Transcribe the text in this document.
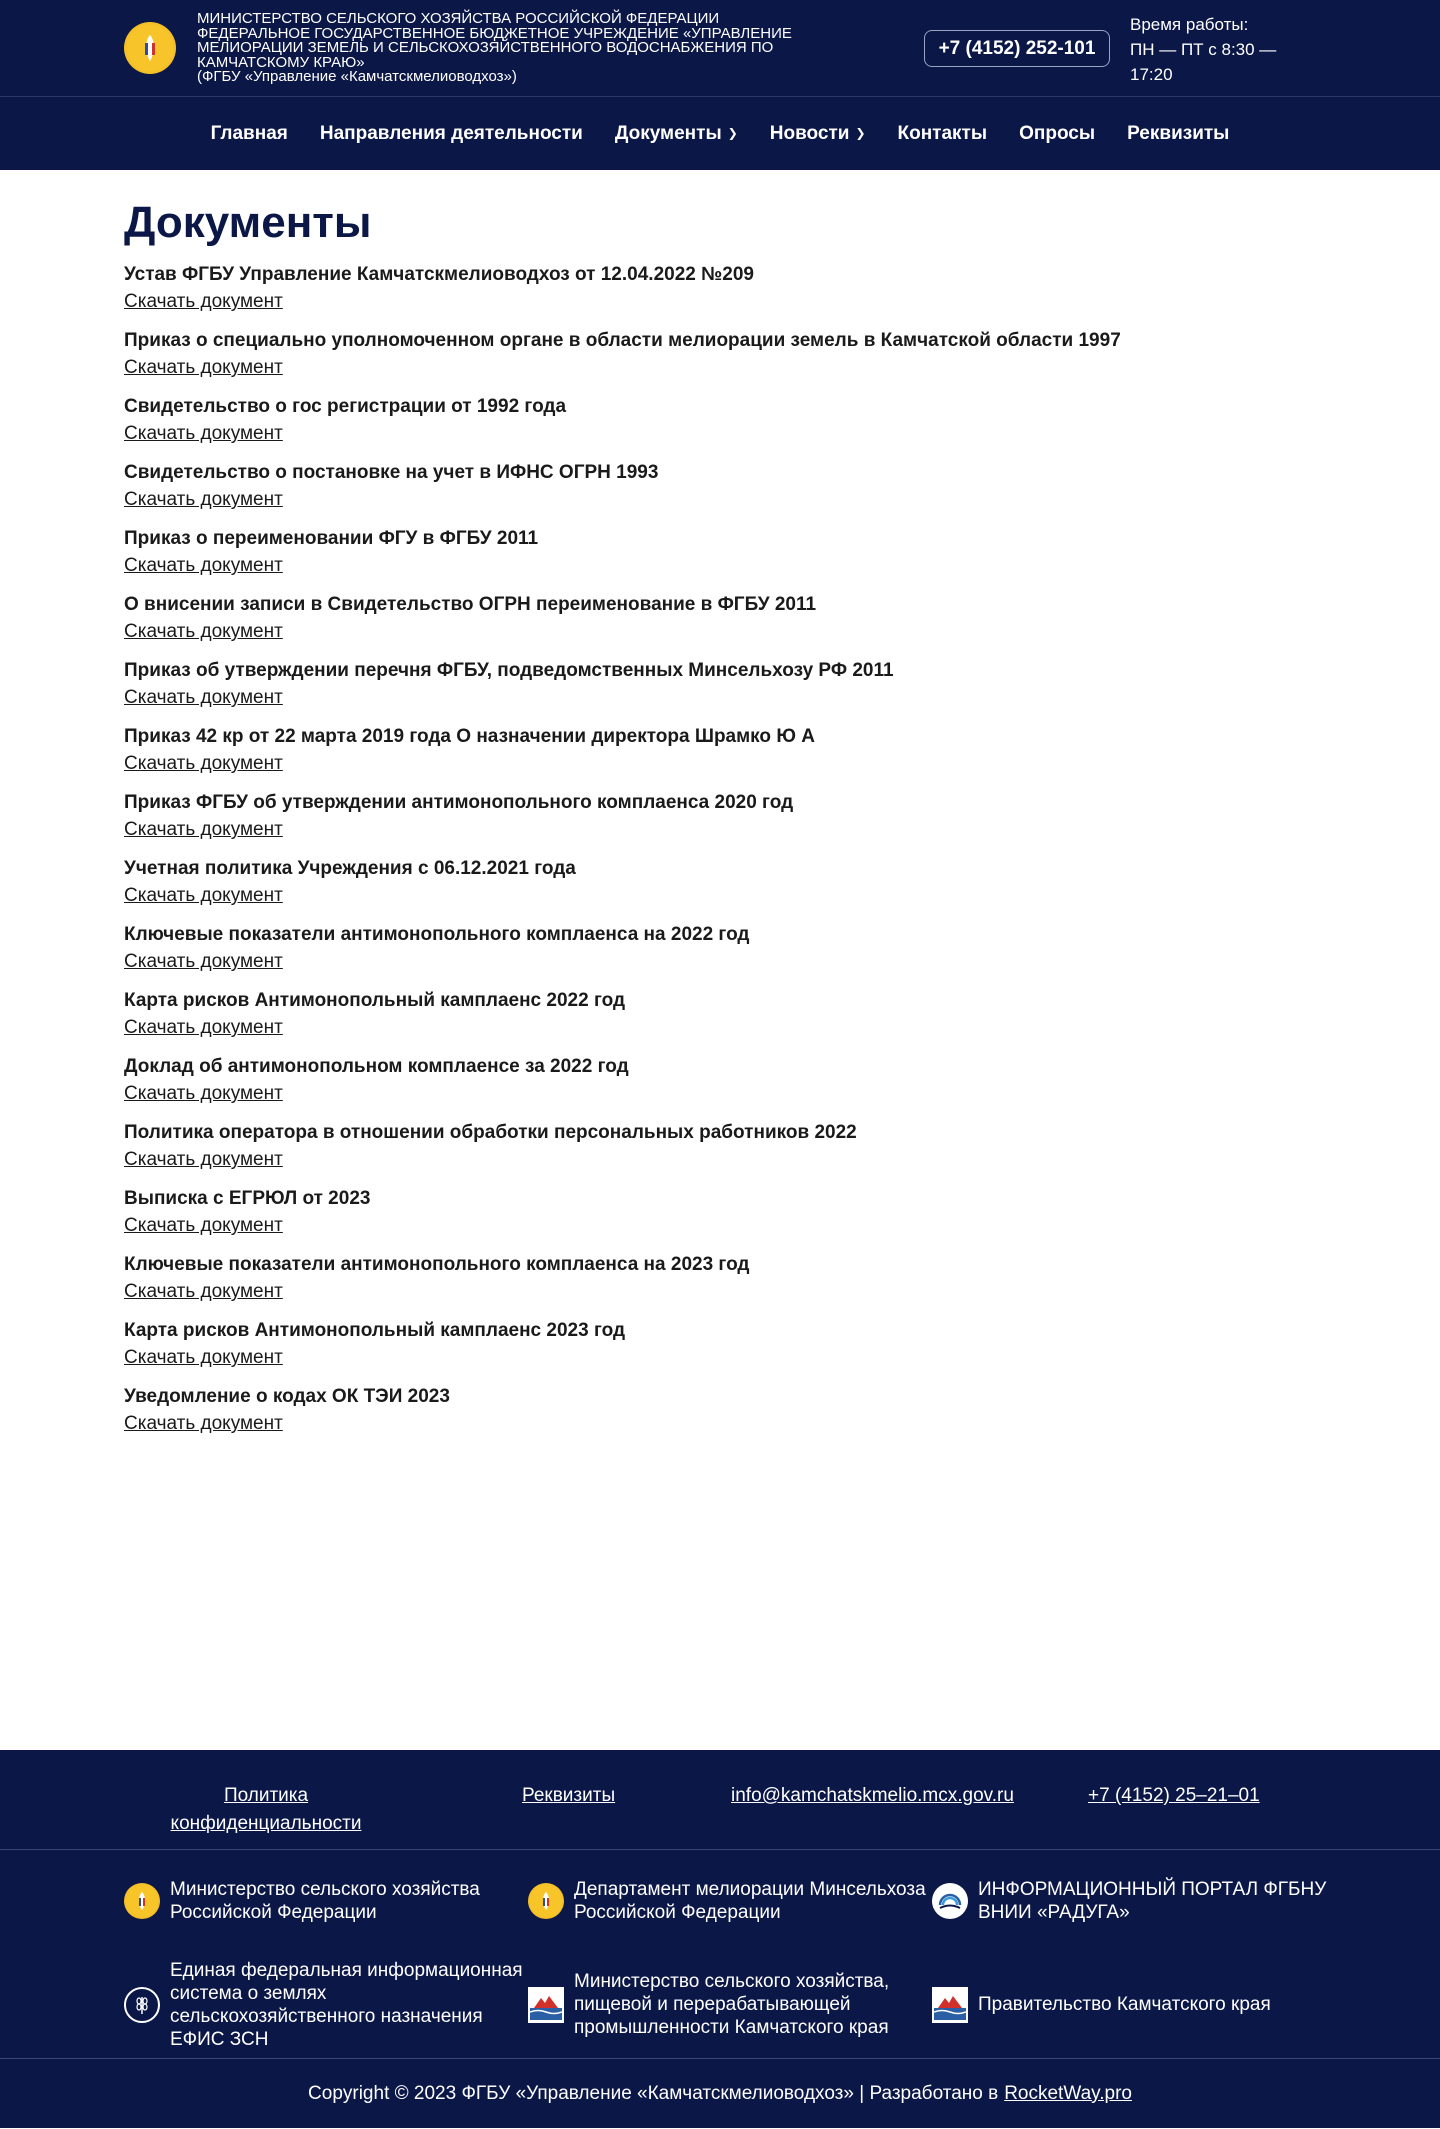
МИНИСТЕРСТВО СЕЛЬСКОГО ХОЗЯЙСТВА РОССИЙСКОЙ ФЕДЕРАЦИИ
ФЕДЕРАЛЬНОЕ ГОСУДАРСТВЕННОЕ БЮДЖЕТНОЕ УЧРЕЖДЕНИЕ «УПРАВЛЕНИЕ
МЕЛИОРАЦИИ ЗЕМЕЛЬ И СЕЛЬСКОХОЗЯЙСТВЕННОГО ВОДОСНАБЖЕНИЯ ПО
КАМЧАТСКОМУ КРАЮ»
(ФГБУ «Управление «Камчатскмелиоводхоз»)
+7 (4152) 252-101
Время работы:
ПН — ПТ с 8:30 —
17:20
Главная Направления деятельности Документы ❯ Новости ❯ Контакты Опросы Реквизиты
Документы
Устав ФГБУ Управление Камчатскмелиоводхоз от 12.04.2022 №209
Скачать документ
Приказ о специально уполномоченном органе в области мелиорации земель в Камчатской области 1997
Скачать документ
Свидетельство о гос регистрации от 1992 года
Скачать документ
Свидетельство о постановке на учет в ИФНС ОГРН 1993
Скачать документ
Приказ о переименовании ФГУ в ФГБУ 2011
Скачать документ
О внисении записи в Свидетельство ОГРН переименование в ФГБУ 2011
Скачать документ
Приказ об утверждении перечня ФГБУ, подведомственных Минсельхозу РФ 2011
Скачать документ
Приказ 42 кр от 22 марта 2019 года О назначении директора Шрамко Ю А
Скачать документ
Приказ ФГБУ об утверждении антимонопольного комплаенса 2020 год
Скачать документ
Учетная политика Учреждения с 06.12.2021 года
Скачать документ
Ключевые показатели антимонопольного комплаенса на 2022 год
Скачать документ
Карта рисков Антимонопольный камплаенс 2022 год
Скачать документ
Доклад об антимонопольном комплаенсе за 2022 год
Скачать документ
Политика оператора в отношении обработки персональных работников 2022
Скачать документ
Выписка с ЕГРЮЛ от 2023
Скачать документ
Ключевые показатели антимонопольного комплаенса на 2023 год
Скачать документ
Карта рисков Антимонопольный камплаенс 2023 год
Скачать документ
Уведомление о кодах ОК ТЭИ 2023
Скачать документ
Политика
конфиденциальности
Реквизиты	info@kamchatskmelio.mcx.gov.ru	+7 (4152) 25–21–01
Министерство сельского хозяйства Российской Федерации
Департамент мелиорации Минсельхоза Российской Федерации
ИНФОРМАЦИОННЫЙ ПОРТАЛ ФГБНУ ВНИИ «РАДУГА»
Единая федеральная информационная система о землях сельскохозяйственного назначения ЕФИС ЗСН
Министерство сельского хозяйства, пищевой и перерабатывающей промышленности Камчатского края
Правительство Камчатского края
Copyright © 2023 ФГБУ «Управление «Камчатскмелиоводхоз» | Разработано в RocketWay.pro
